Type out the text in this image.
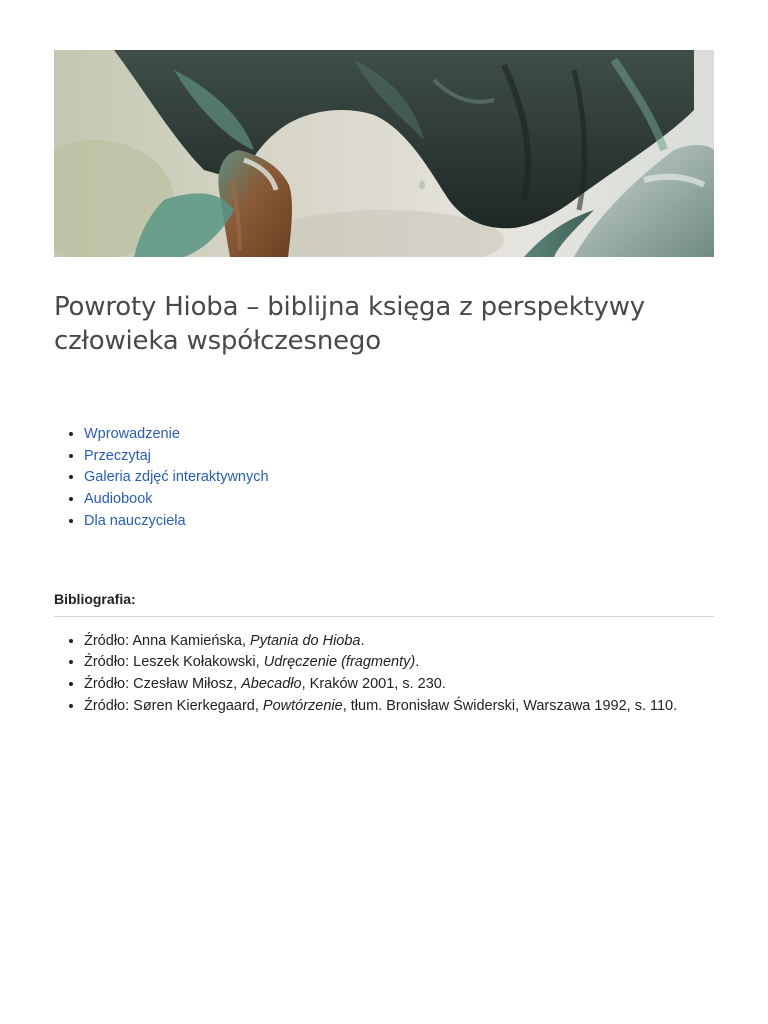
Powroty Hioba – biblijna księga z perspektywy człowieka współczesnego
• Wprowadzenie
• Przeczytaj
• Galeria zdjęć interaktywnych
• Audiobook
• Dla nauczyciela
Bibliografia:
• Źródło: Anna Kamieńska, Pytania do Hioba.
• Źródło: Leszek Kołakowski, Udręczenie (fragmenty).
• Źródło: Czesław Miłosz, Abecadło, Kraków 2001, s. 230.
• Źródło: Søren Kierkegaard, Powtórzenie, tłum. Bronisław Świderski, Warszawa 1992, s. 110.
